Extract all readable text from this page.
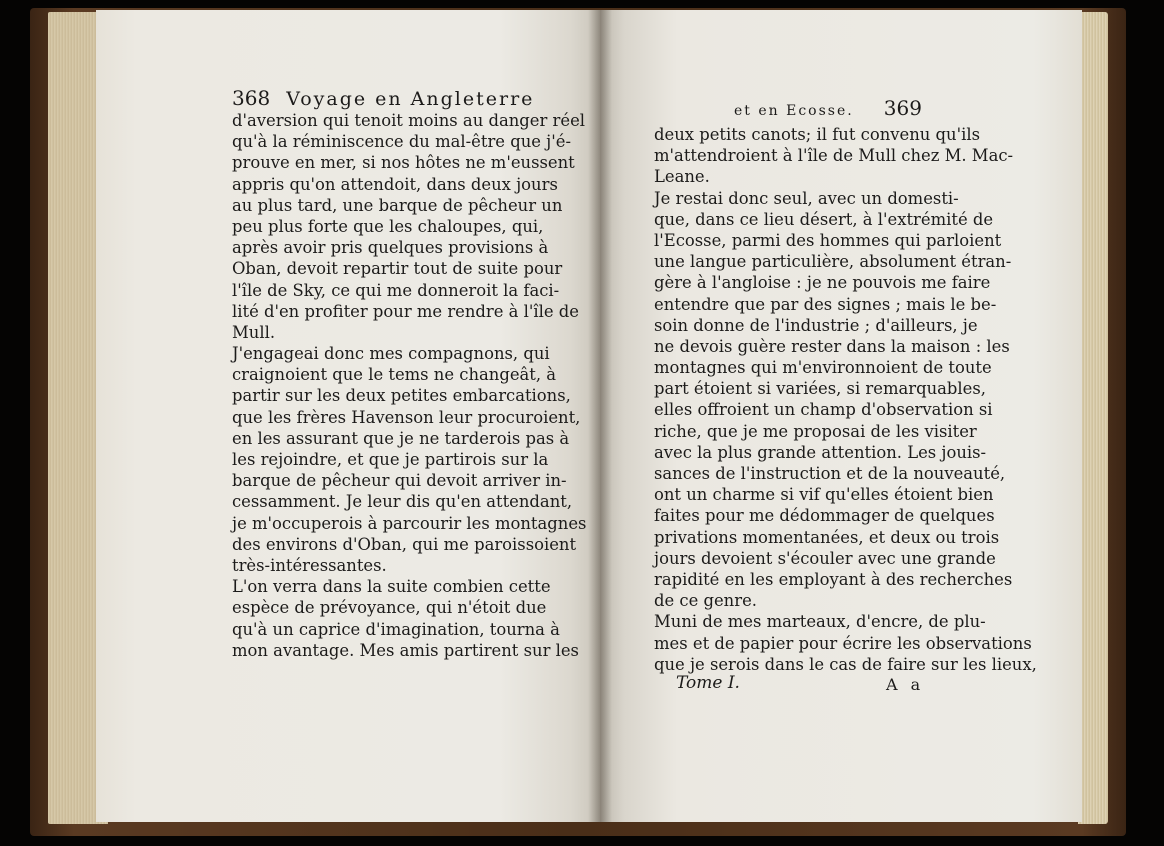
368 Voyage en Angleterre
d'aversion qui tenoit moins au danger réel
qu'à la réminiscence du mal-être que j'é-
prouve en mer, si nos hôtes ne m'eussent
appris qu'on attendoit, dans deux jours
au plus tard, une barque de pêcheur un
peu plus forte que les chaloupes, qui,
après avoir pris quelques provisions à
Oban, devoit repartir tout de suite pour
l'île de Sky, ce qui me donneroit la faci-
lité d'en profiter pour me rendre à l'île de
Mull.
J'engageai donc mes compagnons, qui
craignoient que le tems ne changeât, à
partir sur les deux petites embarcations,
que les frères Havenson leur procuroient,
en les assurant que je ne tarderois pas à
les rejoindre, et que je partirois sur la
barque de pêcheur qui devoit arriver in-
cessamment. Je leur dis qu'en attendant,
je m'occuperois à parcourir les montagnes
des environs d'Oban, qui me paroissoient
très-intéressantes.
L'on verra dans la suite combien cette
espèce de prévoyance, qui n'étoit due
qu'à un caprice d'imagination, tourna à
mon avantage. Mes amis partirent sur les
et en Ecosse. 369
deux petits canots; il fut convenu qu'ils
m'attendroient à l'île de Mull chez M. Mac-
Leane.
Je restai donc seul, avec un domesti-
que, dans ce lieu désert, à l'extrémité de
l'Ecosse, parmi des hommes qui parloient
une langue particulière, absolument étran-
gère à l'angloise : je ne pouvois me faire
entendre que par des signes ; mais le be-
soin donne de l'industrie ; d'ailleurs, je
ne devois guère rester dans la maison : les
montagnes qui m'environnoient de toute
part étoient si variées, si remarquables,
elles offroient un champ d'observation si
riche, que je me proposai de les visiter
avec la plus grande attention. Les jouis-
sances de l'instruction et de la nouveauté,
ont un charme si vif qu'elles étoient bien
faites pour me dédommager de quelques
privations momentanées, et deux ou trois
jours devoient s'écouler avec une grande
rapidité en les employant à des recherches
de ce genre.
Muni de mes marteaux, d'encre, de plu-
mes et de papier pour écrire les observations
que je serois dans le cas de faire sur les lieux,
Tome I.	A a
